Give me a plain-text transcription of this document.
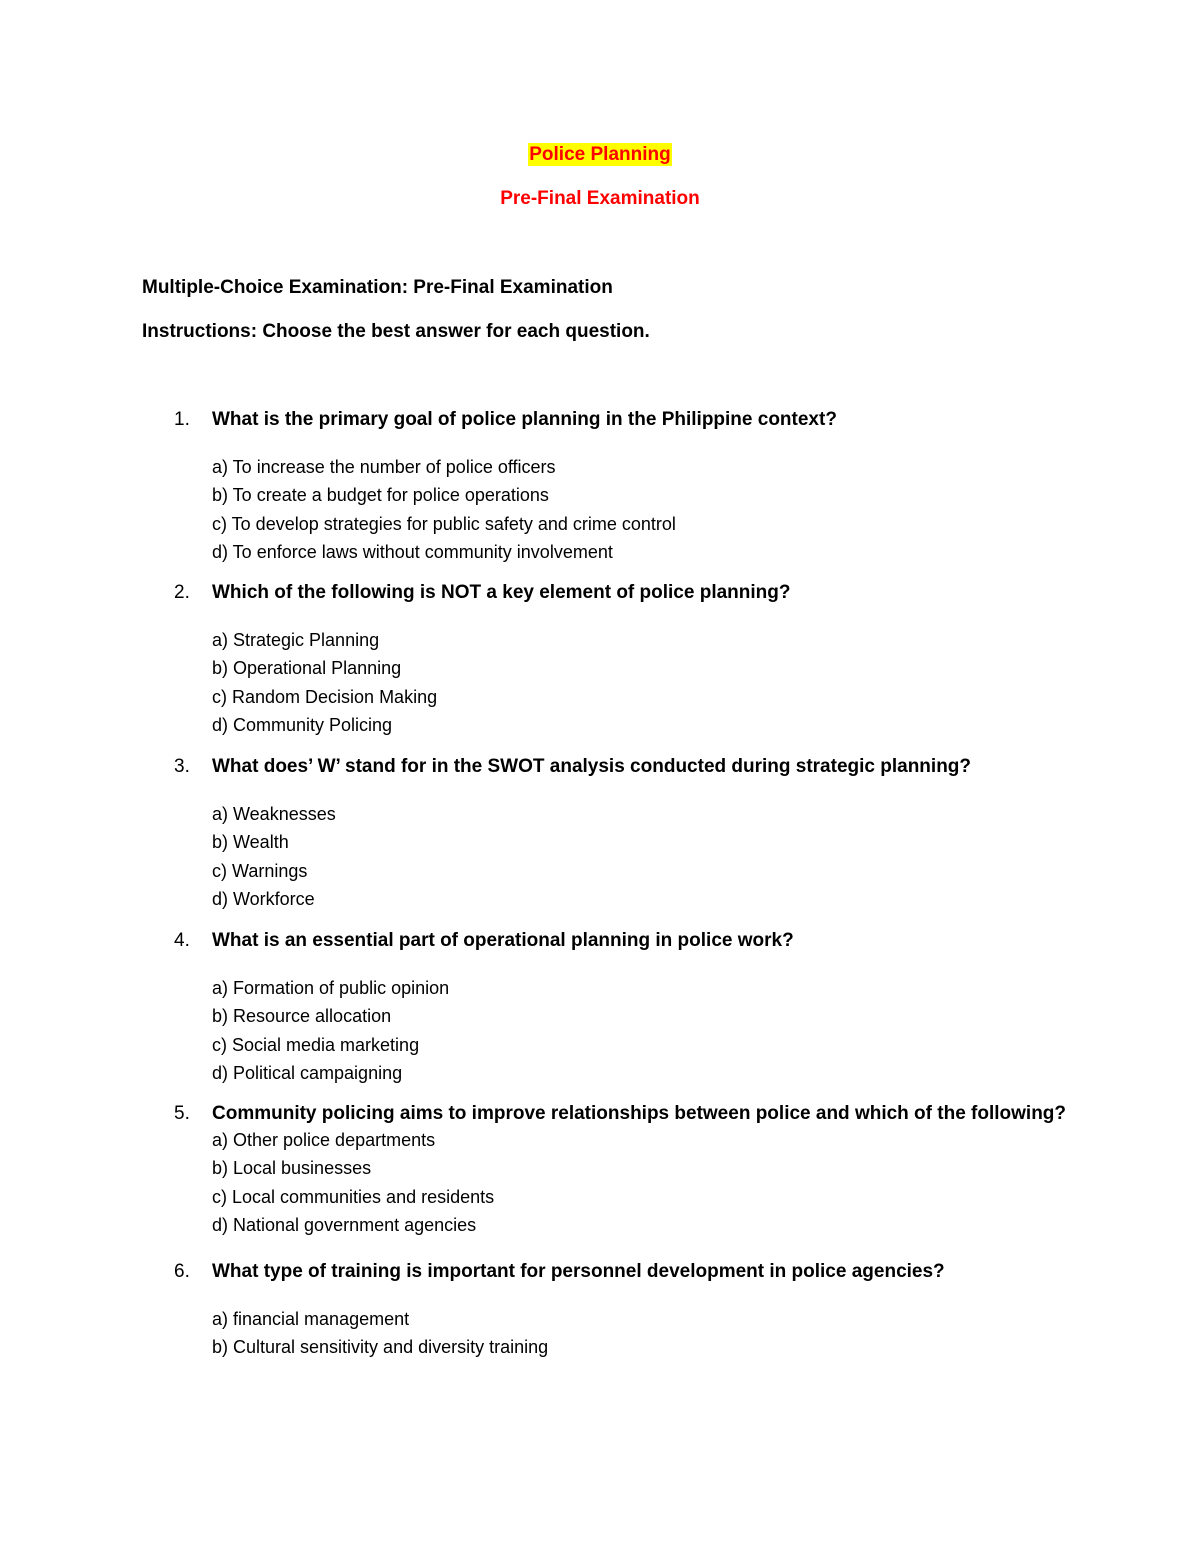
Police Planning
Pre-Final Examination
Multiple-Choice Examination: Pre-Final Examination
Instructions: Choose the best answer for each question.
1. What is the primary goal of police planning in the Philippine context?
a) To increase the number of police officers
b) To create a budget for police operations
c) To develop strategies for public safety and crime control
d) To enforce laws without community involvement
2. Which of the following is NOT a key element of police planning?
a) Strategic Planning
b) Operational Planning
c) Random Decision Making
d) Community Policing
3. What does’ W’ stand for in the SWOT analysis conducted during strategic planning?
a) Weaknesses
b) Wealth
c) Warnings
d) Workforce
4. What is an essential part of operational planning in police work?
a) Formation of public opinion
b) Resource allocation
c) Social media marketing
d) Political campaigning
5. Community policing aims to improve relationships between police and which of the following?
a) Other police departments
b) Local businesses
c) Local communities and residents
d) National government agencies
6. What type of training is important for personnel development in police agencies?
a) financial management
b) Cultural sensitivity and diversity training
